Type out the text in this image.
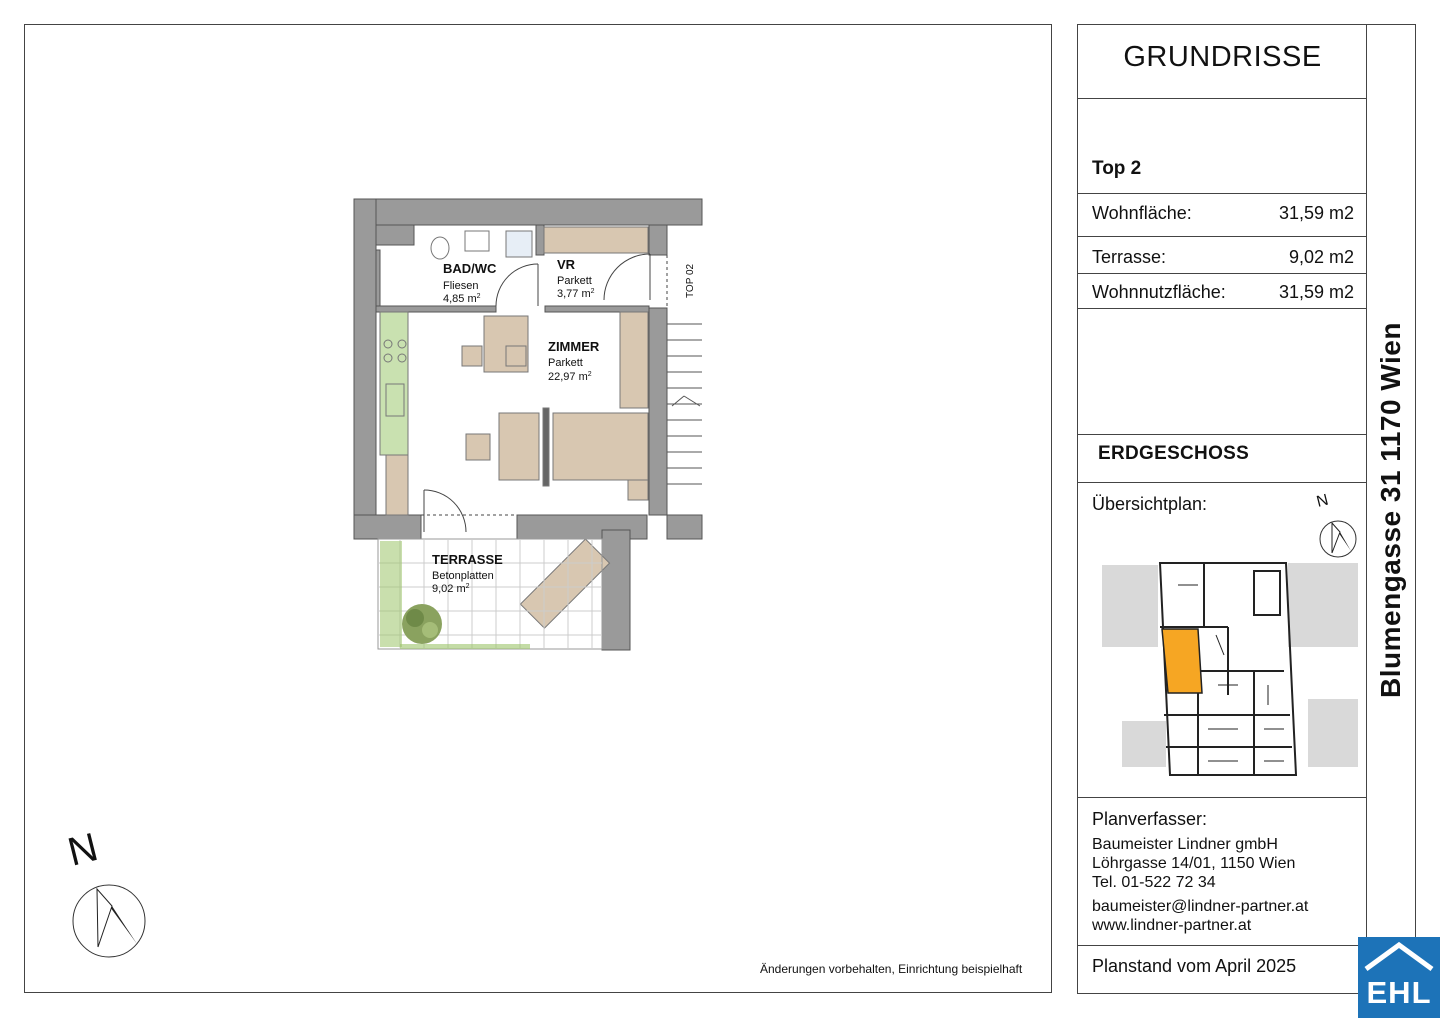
BAD/WC
Fliesen
4,85 $m^2$
VR
Parkett
3,77 $m^2$
ZIMMER
Parkett
22,97 $m^2$
TERRASSE
Betonplatten
9,02 $m^2$
TOP 02
N
Änderungen vorbehalten, Einrichtung beispielhaft
GRUNDRISSE
Top 2
Wohnfläche:	31,59 m2
Terrasse:	9,02 m2
Wohnnutzfläche:	31,59 m2
ERDGESCHOSS
Übersichtplan:	N
Planverfasser:
Baumeister Lindner gmbH
Löhrgasse 14/01, 1150 Wien
Tel. 01-522 72 34
baumeister@lindner-partner.at
www.lindner-partner.at
Planstand vom April 2025
Blumengasse 31 1170 Wien
EHL
